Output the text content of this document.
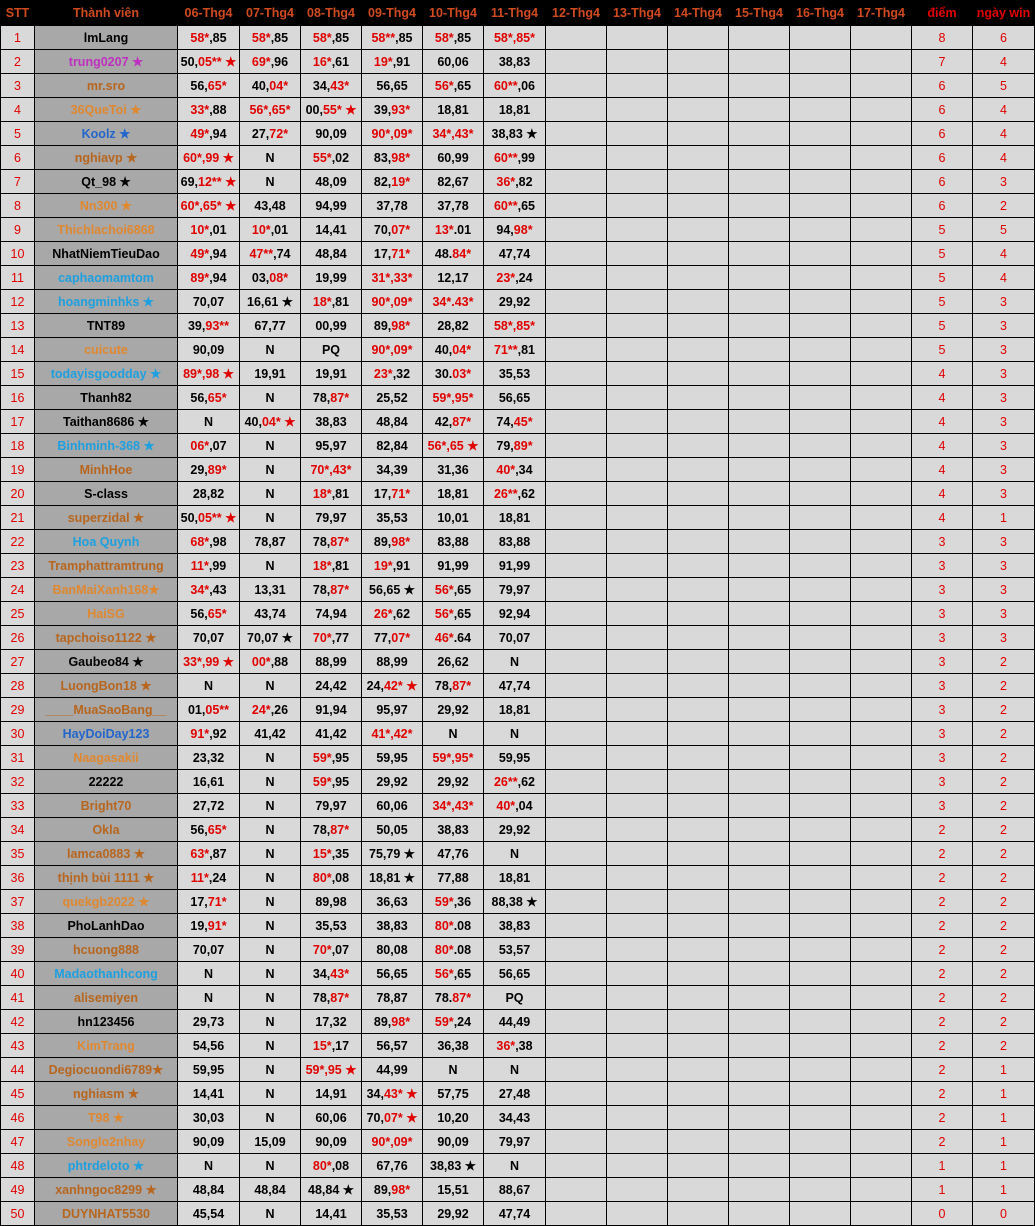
STT	Thành viên	06-Thg4	07-Thg4	08-Thg4	09-Thg4	10-Thg4	11-Thg4	12-Thg4	13-Thg4	14-Thg4	15-Thg4	16-Thg4	17-Thg4	điểm	ngày win
1	lmLang	58*,85	58*,85	58*,85	58**,85	58*,85	58*,85*							8	6
2	trung0207 ★	50,05** ★	69*,96	16*,61	19*,91	60,06	38,83							7	4
3	mr.sro	56,65*	40,04*	34,43*	56,65	56*,65	60**,06							6	5
4	36QueToi ★	33*,88	56*,65*	00,55* ★	39,93*	18,81	18,81							6	4
5	Koolz ★	49*,94	27,72*	90,09	90*,09*	34*,43*	38,83 ★							6	4
6	nghiavp ★	60*,99 ★	N	55*,02	83,98*	60,99	60**,99							6	4
7	Qt_98 ★	69,12** ★	N	48,09	82,19*	82,67	36*,82							6	3
8	Nn300 ★	60*,65* ★	43,48	94,99	37,78	37,78	60**,65							6	2
9	Thichlachoi6868	10*,01	10*,01	14,41	70,07*	13*.01	94,98*							5	5
10	NhatNiemTieuDao	49*,94	47**,74	48,84	17,71*	48.84*	47,74							5	4
11	caphaomamtom	89*,94	03,08*	19,99	31*,33*	12,17	23*,24							5	4
12	hoangminhks ★	70,07	16,61 ★	18*,81	90*,09*	34*.43*	29,92							5	3
13	TNT89	39,93**	67,77	00,99	89,98*	28,82	58*,85*							5	3
14	cuicute	90,09	N	PQ	90*,09*	40,04*	71**,81							5	3
15	todayisgoodday ★	89*,98 ★	19,91	19,91	23*,32	30.03*	35,53							4	3
16	Thanh82	56,65*	N	78,87*	25,52	59*,95*	56,65							4	3
17	Taithan8686 ★	N	40,04* ★	38,83	48,84	42,87*	74,45*							4	3
18	Binhminh-368 ★	06*,07	N	95,97	82,84	56*,65 ★	79,89*							4	3
19	MinhHoe	29,89*	N	70*,43*	34,39	31,36	40*,34							4	3
20	S-class	28,82	N	18*,81	17,71*	18,81	26**,62							4	3
21	superzidal ★	50,05** ★	N	79,97	35,53	10,01	18,81							4	1
22	Hoa Quynh	68*,98	78,87	78,87*	89,98*	83,88	83,88							3	3
23	Tramphattramtrung	11*,99	N	18*,81	19*,91	91,99	91,99							3	3
24	BanMaiXanh168★	34*,43	13,31	78,87*	56,65 ★	56*,65	79,97							3	3
25	HaiSG	56,65*	43,74	74,94	26*,62	56*,65	92,94							3	3
26	tapchoiso1122 ★	70,07	70,07 ★	70*,77	77,07*	46*.64	70,07							3	3
27	Gaubeo84 ★	33*,99 ★	00*,88	88,99	88,99	26,62	N							3	2
28	LuongBon18 ★	N	N	24,42	24,42* ★	78,87*	47,74							3	2
29	____MuaSaoBang__	01,05**	24*,26	91,94	95,97	29,92	18,81							3	2
30	HayDoiDay123	91*,92	41,42	41,42	41*,42*	N	N							3	2
31	Naagasakii	23,32	N	59*,95	59,95	59*,95*	59,95							3	2
32	22222	16,61	N	59*,95	29,92	29,92	26**,62							3	2
33	Bright70	27,72	N	79,97	60,06	34*,43*	40*,04							3	2
34	Okla	56,65*	N	78,87*	50,05	38,83	29,92							2	2
35	lamca0883 ★	63*,87	N	15*,35	75,79 ★	47,76	N							2	2
36	thịnh bùi 1111 ★	11*,24	N	80*,08	18,81 ★	77,88	18,81							2	2
37	quekgb2022 ★	17,71*	N	89,98	36,63	59*,36	88,38 ★							2	2
38	PhoLanhDao	19,91*	N	35,53	38,83	80*.08	38,83							2	2
39	hcuong888	70,07	N	70*,07	80,08	80*.08	53,57							2	2
40	Madaothanhcong	N	N	34,43*	56,65	56*,65	56,65							2	2
41	alisemiyen	N	N	78,87*	78,87	78.87*	PQ							2	2
42	hn123456	29,73	N	17,32	89,98*	59*,24	44,49							2	2
43	KimTrang	54,56	N	15*,17	56,57	36,38	36*,38							2	2
44	Degiocuondi6789★	59,95	N	59*,95 ★	44,99	N	N							2	1
45	nghiasm ★	14,41	N	14,91	34,43* ★	57,75	27,48							2	1
46	T98 ★	30,03	N	60,06	70,07* ★	10,20	34,43							2	1
47	Songlo2nhay	90,09	15,09	90,09	90*,09*	90,09	79,97							2	1
48	phtrdeloto ★	N	N	80*,08	67,76	38,83 ★	N							1	1
49	xanhngoc8299 ★	48,84	48,84	48,84 ★	89,98*	15,51	88,67							1	1
50	DUYNHAT5530	45,54	N	14,41	35,53	29,92	47,74							0	0
